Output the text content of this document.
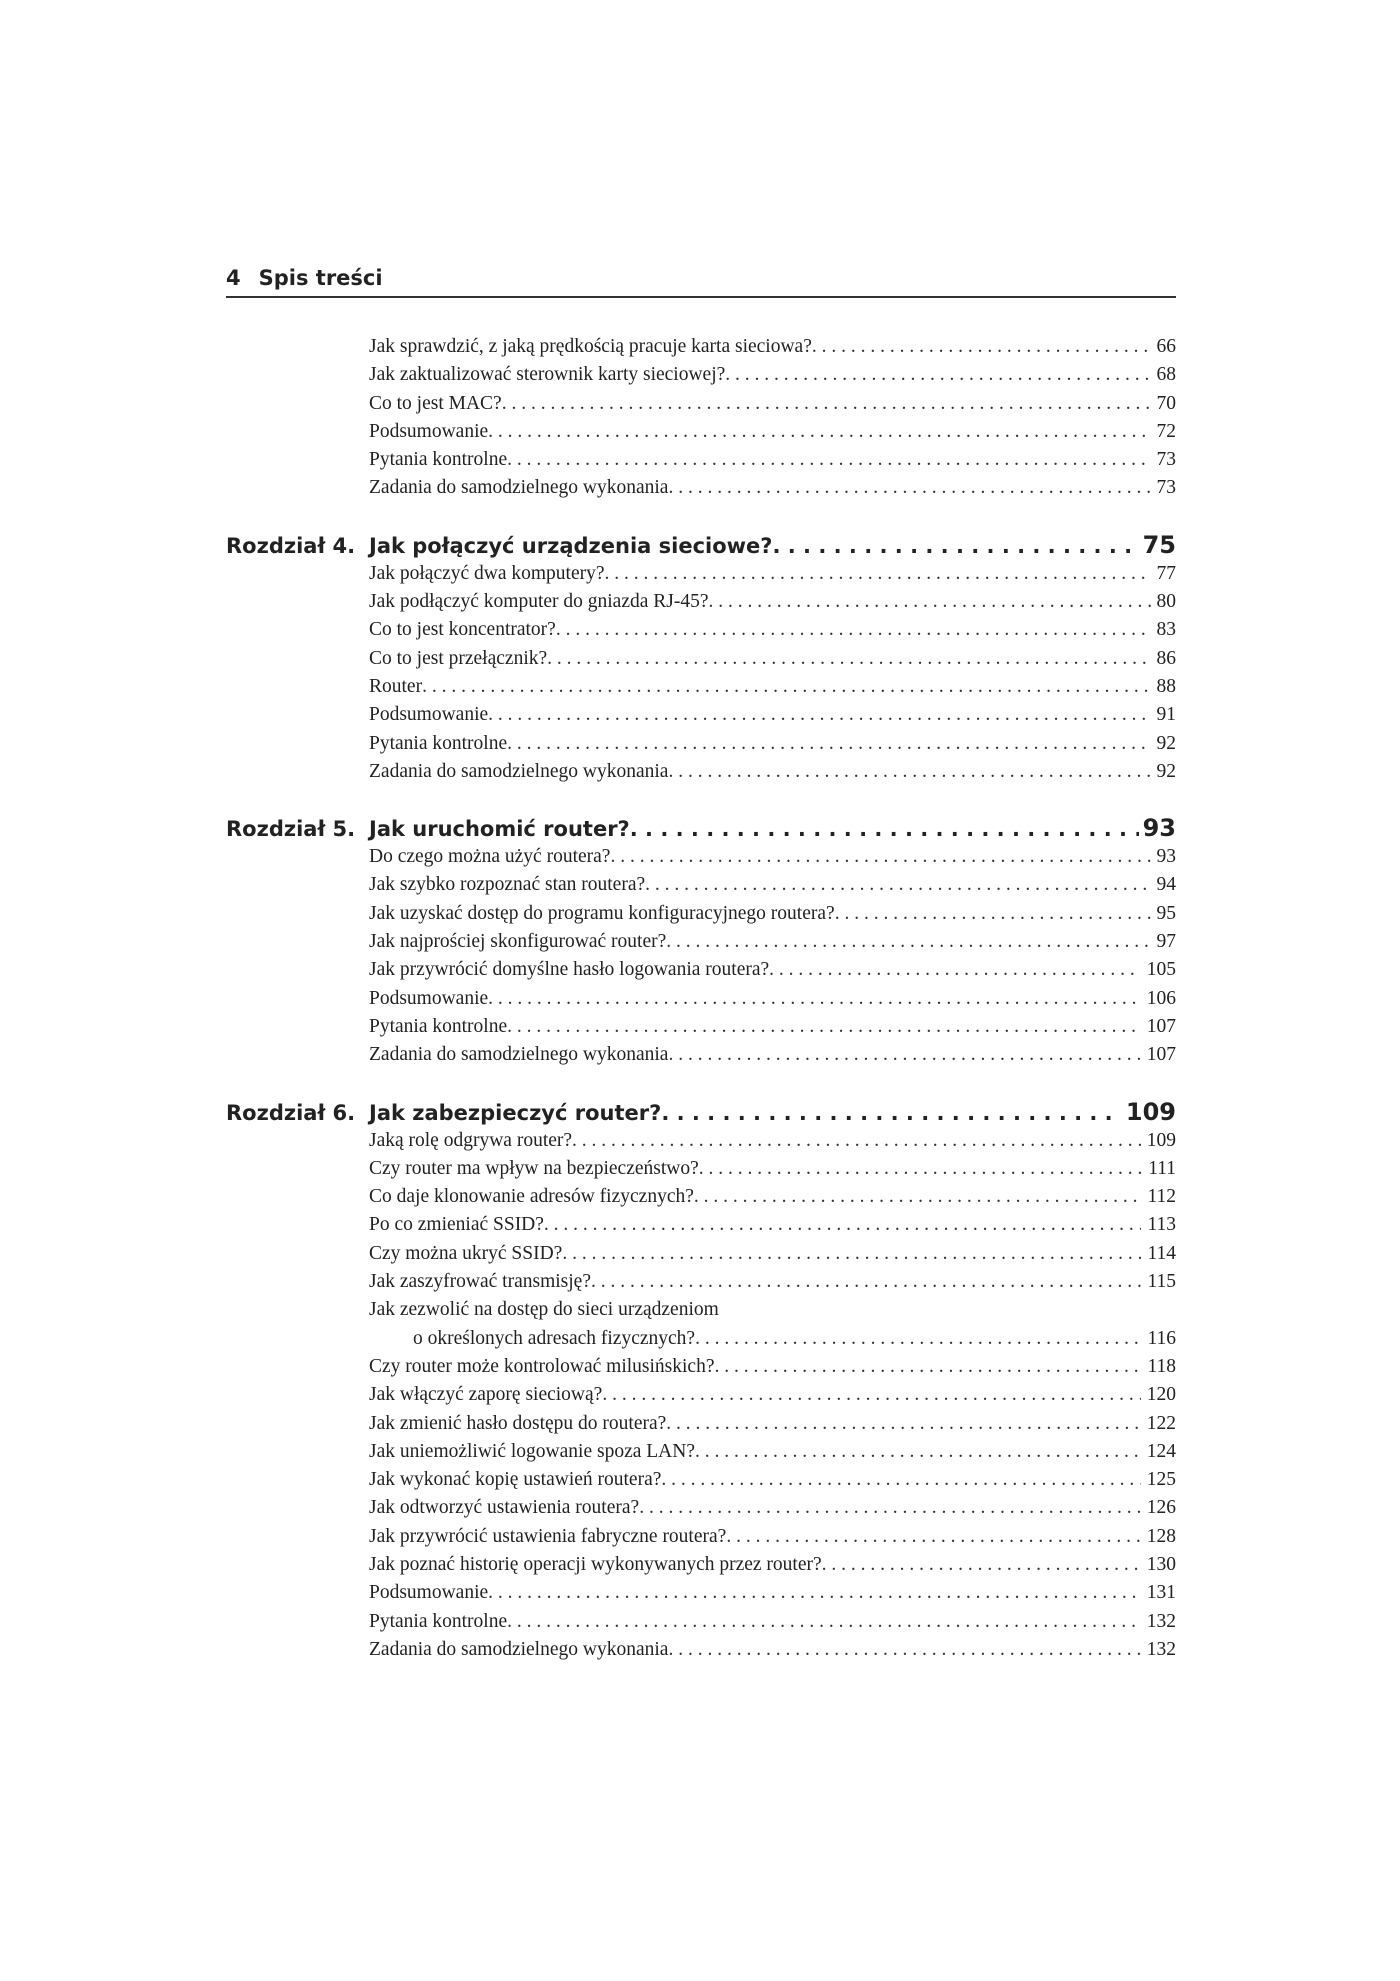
4 Spis treści
Jak sprawdzić, z jaką prędkością pracuje karta sieciowa? . . .	66
Jak zaktualizować sterownik karty sieciowej? . . .	68
Co to jest MAC? . . .	70
Podsumowanie . . .	72
Pytania kontrolne . . .	73
Zadania do samodzielnego wykonania . . .	73
Rozdział 4. Jak połączyć urządzenia sieciowe? . . .	75
Jak połączyć dwa komputery? . . .	77
Jak podłączyć komputer do gniazda RJ-45? . . .	80
Co to jest koncentrator? . . .	83
Co to jest przełącznik? . . .	86
Router . . .	88
Podsumowanie . . .	91
Pytania kontrolne . . .	92
Zadania do samodzielnego wykonania . . .	92
Rozdział 5. Jak uruchomić router? . . .	93
Do czego można użyć routera? . . .	93
Jak szybko rozpoznać stan routera? . . .	94
Jak uzyskać dostęp do programu konfiguracyjnego routera? . . .	95
Jak najprościej skonfigurować router? . . .	97
Jak przywrócić domyślne hasło logowania routera? . . .	105
Podsumowanie . . .	106
Pytania kontrolne . . .	107
Zadania do samodzielnego wykonania . . .	107
Rozdział 6. Jak zabezpieczyć router? . . .	109
Jaką rolę odgrywa router? . . .	109
Czy router ma wpływ na bezpieczeństwo? . . .	111
Co daje klonowanie adresów fizycznych? . . .	112
Po co zmieniać SSID? . . .	113
Czy można ukryć SSID? . . .	114
Jak zaszyfrować transmisję? . . .	115
Jak zezwolić na dostęp do sieci urządzeniom
o określonych adresach fizycznych? . . .	116
Czy router może kontrolować milusińskich? . . .	118
Jak włączyć zaporę sieciową? . . .	120
Jak zmienić hasło dostępu do routera? . . .	122
Jak uniemożliwić logowanie spoza LAN? . . .	124
Jak wykonać kopię ustawień routera? . . .	125
Jak odtworzyć ustawienia routera? . . .	126
Jak przywrócić ustawienia fabryczne routera? . . .	128
Jak poznać historię operacji wykonywanych przez router? . . .	130
Podsumowanie . . .	131
Pytania kontrolne . . .	132
Zadania do samodzielnego wykonania . . .	132
